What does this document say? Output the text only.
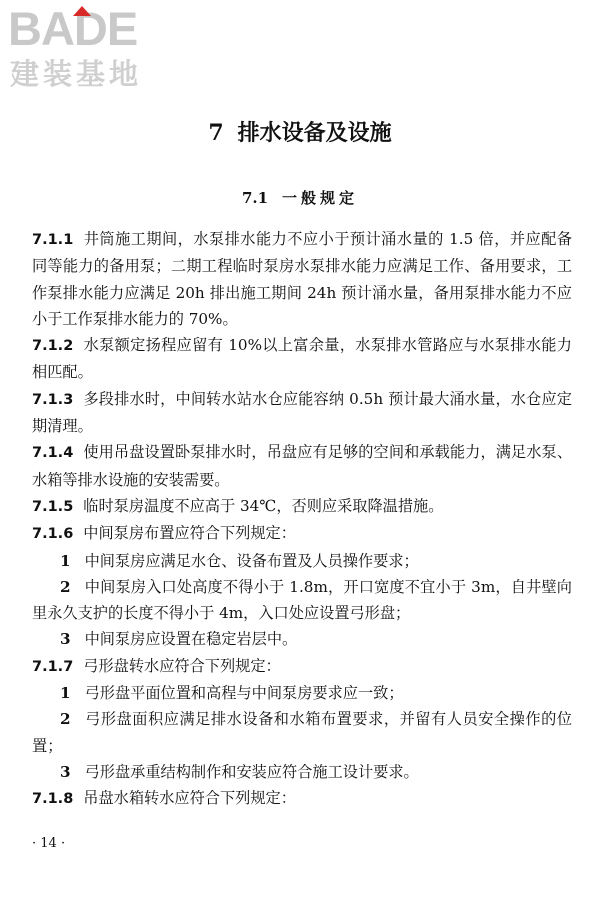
BADE
建装基地
7 排水设备及设施
7.1 一般规定

7.1.1 井筒施工期间，水泵排水能力不应小于预计涌水量的 1.5 倍，并应配备同等能力的备用泵；二期工程临时泵房水泵排水能力应满足工作、备用要求，工作泵排水能力应满足 20h 排出施工期间 24h 预计涌水量，备用泵排水能力不应小于工作泵排水能力的 70%。

7.1.2 水泵额定扬程应留有 10%以上富余量，水泵排水管路应与水泵排水能力相匹配。

7.1.3 多段排水时，中间转水站水仓应能容纳 0.5h 预计最大涌水量，水仓应定期清理。

7.1.4 使用吊盘设置卧泵排水时，吊盘应有足够的空间和承载能力，满足水泵、水箱等排水设施的安装需要。

7.1.5 临时泵房温度不应高于 34℃，否则应采取降温措施。

7.1.6 中间泵房布置应符合下列规定：

1 中间泵房应满足水仓、设备布置及人员操作要求；

2 中间泵房入口处高度不得小于 1.8m，开口宽度不宜小于 3m，自井壁向里永久支护的长度不得小于 4m，入口处应设置弓形盘；

3 中间泵房应设置在稳定岩层中。

7.1.7 弓形盘转水应符合下列规定：

1 弓形盘平面位置和高程与中间泵房要求应一致；

2 弓形盘面积应满足排水设备和水箱布置要求，并留有人员安全操作的位置；

3 弓形盘承重结构制作和安装应符合施工设计要求。

7.1.8 吊盘水箱转水应符合下列规定：

· 14 ·
